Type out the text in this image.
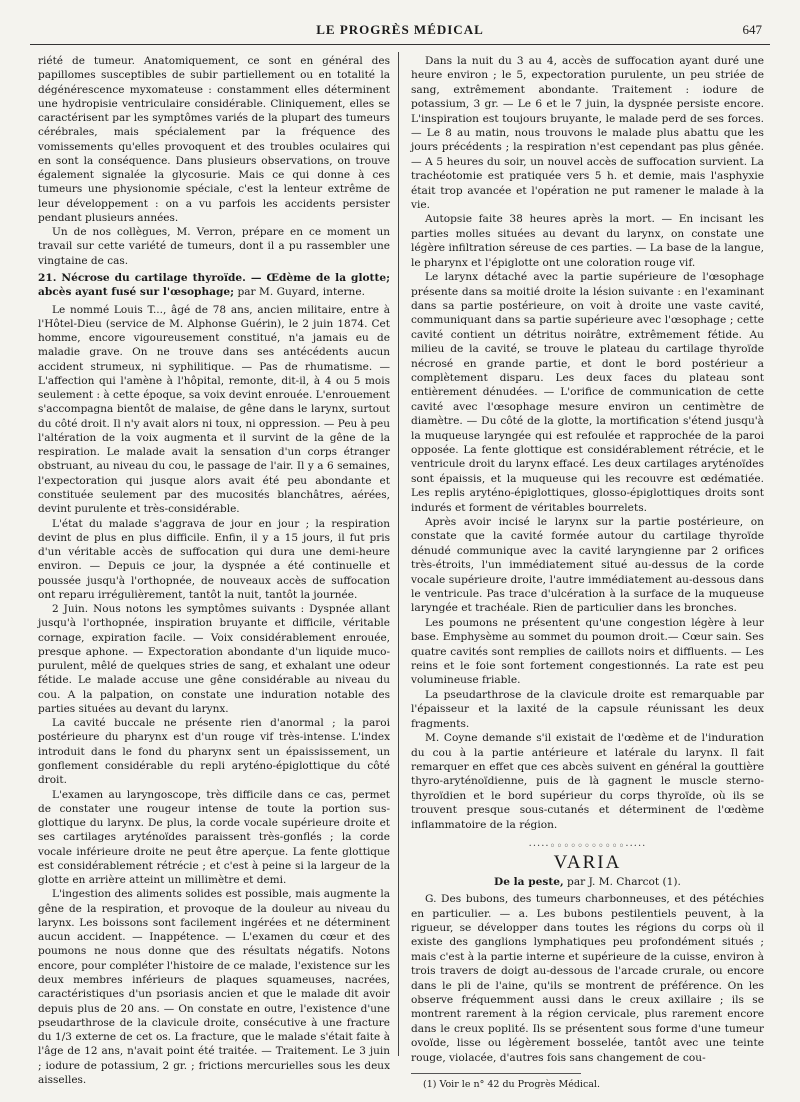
LE PROGRÈS MÉDICAL	647

riété de tumeur. Anatomiquement, ce sont en général des papillomes susceptibles de subir partiellement ou en totalité la dégénérescence myxomateuse : constamment elles déterminent une hydropisie ventriculaire considérable. Cliniquement, elles se caractérisent par les symptômes variés de la plupart des tumeurs cérébrales, mais spécialement par la fréquence des vomissements qu'elles provoquent et des troubles oculaires qui en sont la conséquence. Dans plusieurs observations, on trouve également signalée la glycosurie. Mais ce qui donne à ces tumeurs une physionomie spéciale, c'est la lenteur extrême de leur développement : on a vu parfois les accidents persister pendant plusieurs années.

Un de nos collègues, M. Verron, prépare en ce moment un travail sur cette variété de tumeurs, dont il a pu rassembler une vingtaine de cas.

21. Nécrose du cartilage thyroïde. — Œdème de la glotte; abcès ayant fusé sur l'œsophage; par M. Guyard, interne.

Le nommé Louis T..., âgé de 78 ans, ancien militaire, entre à l'Hôtel-Dieu (service de M. Alphonse Guérin), le 2 juin 1874. Cet homme, encore vigoureusement constitué, n'a jamais eu de maladie grave. On ne trouve dans ses antécédents aucun accident strumeux, ni syphilitique. — Pas de rhumatisme. — L'affection qui l'amène à l'hôpital, remonte, dit-il, à 4 ou 5 mois seulement : à cette époque, sa voix devint enrouée. L'enrouement s'accompagna bientôt de malaise, de gêne dans le larynx, surtout du côté droit. Il n'y avait alors ni toux, ni oppression. — Peu à peu l'altération de la voix augmenta et il survint de la gêne de la respiration. Le malade avait la sensation d'un corps étranger obstruant, au niveau du cou, le passage de l'air. Il y a 6 semaines, l'expectoration qui jusque alors avait été peu abondante et constituée seulement par des mucosités blanchâtres, aérées, devint purulente et très-considérable.

L'état du malade s'aggrava de jour en jour ; la respiration devint de plus en plus difficile. Enfin, il y a 15 jours, il fut pris d'un véritable accès de suffocation qui dura une demi-heure environ. — Depuis ce jour, la dyspnée a été continuelle et poussée jusqu'à l'orthopnée, de nouveaux accès de suffocation ont reparu irrégulièrement, tantôt la nuit, tantôt la journée.

2 Juin. Nous notons les symptômes suivants : Dyspnée allant jusqu'à l'orthopnée, inspiration bruyante et difficile, véritable cornage, expiration facile. — Voix considérablement enrouée, presque aphone. — Expectoration abondante d'un liquide muco-purulent, mêlé de quelques stries de sang, et exhalant une odeur fétide. Le malade accuse une gêne considérable au niveau du cou. A la palpation, on constate une induration notable des parties situées au devant du larynx.

La cavité buccale ne présente rien d'anormal ; la paroi postérieure du pharynx est d'un rouge vif très-intense. L'index introduit dans le fond du pharynx sent un épaississement, un gonflement considérable du repli aryténo-épiglottique du côté droit.

L'examen au laryngoscope, très difficile dans ce cas, permet de constater une rougeur intense de toute la portion sus-glottique du larynx. De plus, la corde vocale supérieure droite et ses cartilages aryténoïdes paraissent très-gonflés ; la corde vocale inférieure droite ne peut être aperçue. La fente glottique est considérablement rétrécie ; et c'est à peine si la largeur de la glotte en arrière atteint un millimètre et demi.

L'ingestion des aliments solides est possible, mais augmente la gêne de la respiration, et provoque de la douleur au niveau du larynx. Les boissons sont facilement ingérées et ne déterminent aucun accident. — Inappétence. — L'examen du cœur et des poumons ne nous donne que des résultats négatifs. Notons encore, pour compléter l'histoire de ce malade, l'existence sur les deux membres inférieurs de plaques squameuses, nacrées, caractéristiques d'un psoriasis ancien et que le malade dit avoir depuis plus de 20 ans. — On constate en outre, l'existence d'une pseudarthrose de la clavicule droite, consécutive à une fracture du 1/3 externe de cet os. La fracture, que le malade s'était faite à l'âge de 12 ans, n'avait point été traitée. — Traitement. Le 3 juin ; iodure de potassium, 2 gr. ; frictions mercurielles sous les deux aisselles.

Dans la nuit du 3 au 4, accès de suffocation ayant duré une heure environ ; le 5, expectoration purulente, un peu striée de sang, extrêmement abondante. Traitement : iodure de potassium, 3 gr. — Le 6 et le 7 juin, la dyspnée persiste encore. L'inspiration est toujours bruyante, le malade perd de ses forces. — Le 8 au matin, nous trouvons le malade plus abattu que les jours précédents ; la respiration n'est cependant pas plus gênée. — A 5 heures du soir, un nouvel accès de suffocation survient. La trachéotomie est pratiquée vers 5 h. et demie, mais l'asphyxie était trop avancée et l'opération ne put ramener le malade à la vie.

Autopsie faite 38 heures après la mort. — En incisant les parties molles situées au devant du larynx, on constate une légère infiltration séreuse de ces parties. — La base de la langue, le pharynx et l'épiglotte ont une coloration rouge vif.

Le larynx détaché avec la partie supérieure de l'œsophage présente dans sa moitié droite la lésion suivante : en l'examinant dans sa partie postérieure, on voit à droite une vaste cavité, communiquant dans sa partie supérieure avec l'œsophage ; cette cavité contient un détritus noirâtre, extrêmement fétide. Au milieu de la cavité, se trouve le plateau du cartilage thyroïde nécrosé en grande partie, et dont le bord postérieur a complètement disparu. Les deux faces du plateau sont entièrement dénudées. — L'orifice de communication de cette cavité avec l'œsophage mesure environ un centimètre de diamètre. — Du côté de la glotte, la mortification s'étend jusqu'à la muqueuse laryngée qui est refoulée et rapprochée de la paroi opposée. La fente glottique est considérablement rétrécie, et le ventricule droit du larynx effacé. Les deux cartilages aryténoïdes sont épaissis, et la muqueuse qui les recouvre est œdématiée. Les replis aryténo-épiglottiques, glosso-épiglottiques droits sont indurés et forment de véritables bourrelets.

Après avoir incisé le larynx sur la partie postérieure, on constate que la cavité formée autour du cartilage thyroïde dénudé communique avec la cavité laryngienne par 2 orifices très-étroits, l'un immédiatement situé au-dessus de la corde vocale supérieure droite, l'autre immédiatement au-dessous dans le ventricule. Pas trace d'ulcération à la surface de la muqueuse laryngée et trachéale. Rien de particulier dans les bronches.

Les poumons ne présentent qu'une congestion légère à leur base. Emphysème au sommet du poumon droit.— Cœur sain. Ses quatre cavités sont remplies de caillots noirs et diffluents. — Les reins et le foie sont fortement congestionnés. La rate est peu volumineuse friable.

La pseudarthrose de la clavicule droite est remarquable par l'épaisseur et la laxité de la capsule réunissant les deux fragments.

M. Coyne demande s'il existait de l'œdème et de l'induration du cou à la partie antérieure et latérale du larynx. Il fait remarquer en effet que ces abcès suivent en général la gouttière thyro-aryténoïdienne, puis de là gagnent le muscle sterno-thyroïdien et le bord supérieur du corps thyroïde, où ils se trouvent presque sous-cutanés et déterminent de l'œdème inflammatoire de la région.

·····◦◦◦◦◦◦◦◦◦◦◦·····
VARIA

De la peste, par J. M. Charcot (1).

G. Des bubons, des tumeurs charbonneuses, et des pétéchies en particulier. — a. Les bubons pestilentiels peuvent, à la rigueur, se développer dans toutes les régions du corps où il existe des ganglions lymphatiques peu profondément situés ; mais c'est à la partie interne et supérieure de la cuisse, environ à trois travers de doigt au-dessous de l'arcade crurale, ou encore dans le pli de l'aine, qu'ils se montrent de préférence. On les observe fréquemment aussi dans le creux axillaire ; ils se montrent rarement à la région cervicale, plus rarement encore dans le creux poplité. Ils se présentent sous forme d'une tumeur ovoïde, lisse ou légèrement bosselée, tantôt avec une teinte rouge, violacée, d'autres fois sans changement de cou-

(1) Voir le n° 42 du Progrès Médical.
